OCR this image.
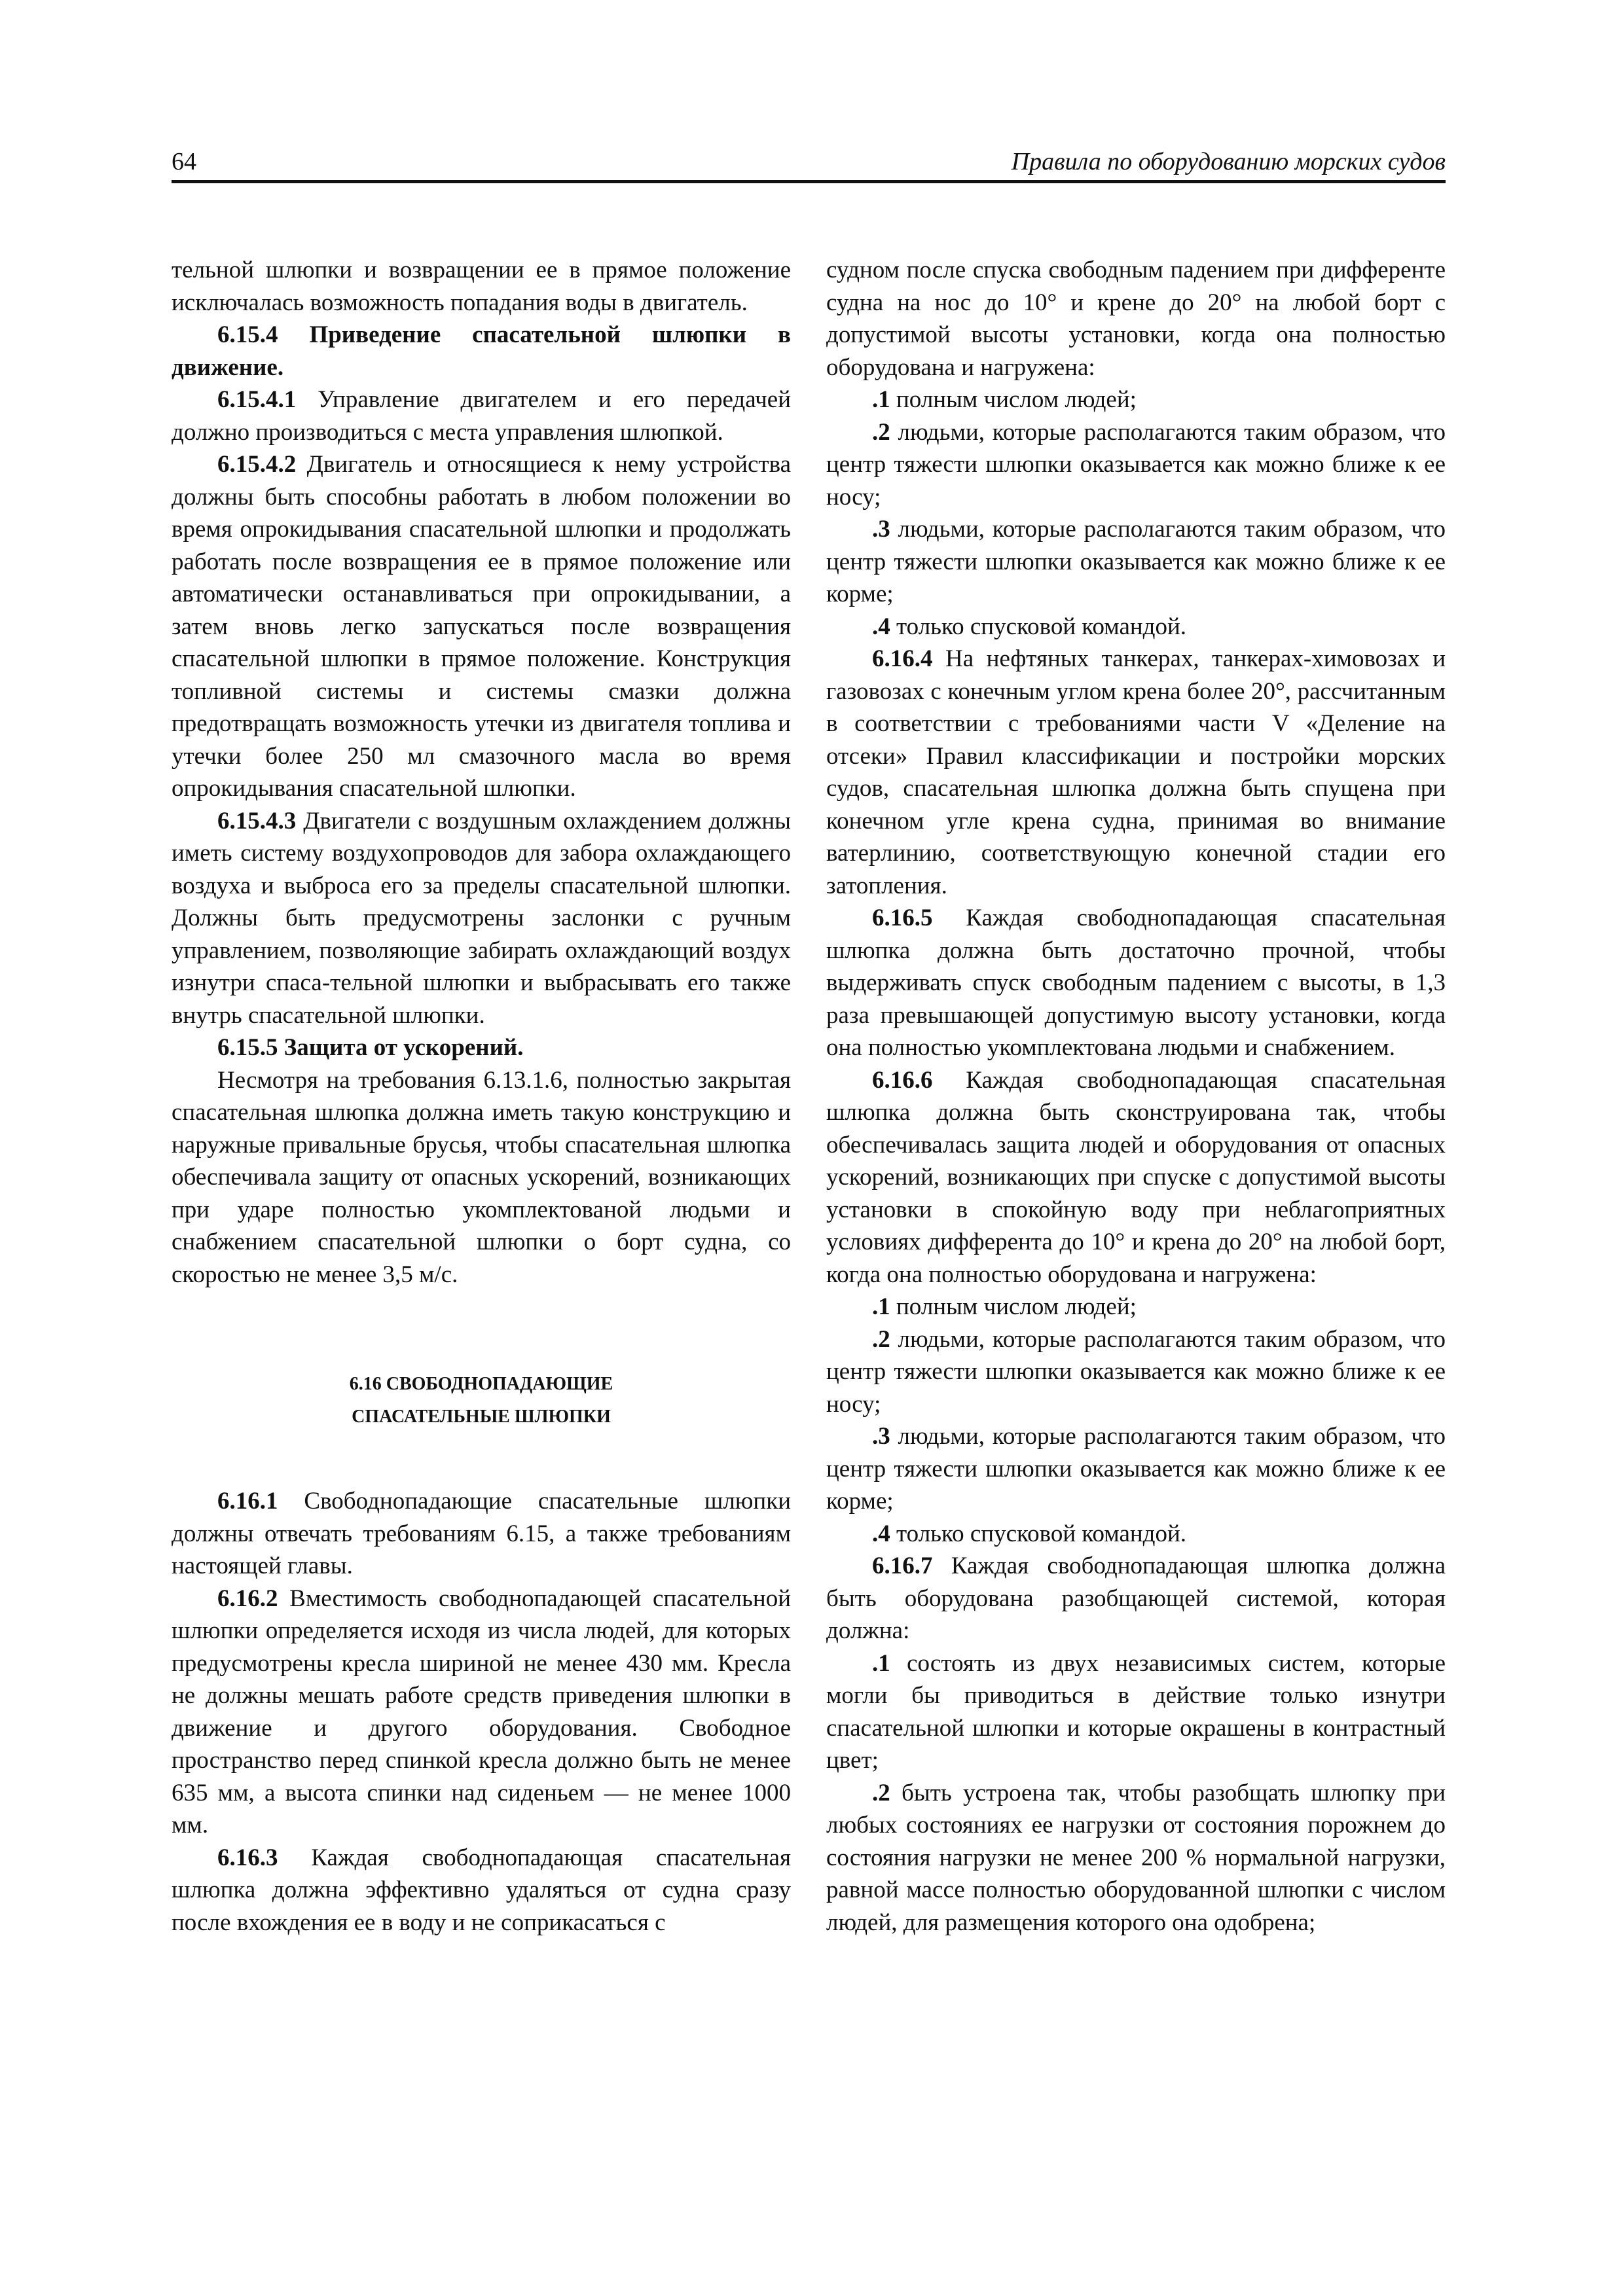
64	Правила по оборудованию морских судов

тельной шлюпки и возвращении ее в прямое положение исключалась возможность попадания воды в двигатель.

6.15.4 Приведение спасательной шлюпки в движение.

6.15.4.1 Управление двигателем и его передачей должно производиться с места управления шлюпкой.

6.15.4.2 Двигатель и относящиеся к нему устройства должны быть способны работать в любом положении во время опрокидывания спасательной шлюпки и продолжать работать после возвращения ее в прямое положение или автоматически останавливаться при опрокидывании, а затем вновь легко запускаться после возвращения спасательной шлюпки в прямое положение. Конструкция топливной системы и системы смазки должна предотвращать возможность утечки из двигателя топлива и утечки более 250 мл смазочного масла во время опрокидывания спасательной шлюпки.

6.15.4.3 Двигатели с воздушным охлаждением должны иметь систему воздухопроводов для забора охлаждающего воздуха и выброса его за пределы спасательной шлюпки. Должны быть предусмотрены заслонки с ручным управлением, позволяющие забирать охлаждающий воздух изнутри спаса-тельной шлюпки и выбрасывать его также внутрь спасательной шлюпки.

6.15.5 Защита от ускорений.

Несмотря на требования 6.13.1.6, полностью закрытая спасательная шлюпка должна иметь такую конструкцию и наружные привальные брусья, чтобы спасательная шлюпка обеспечивала защиту от опасных ускорений, возникающих при ударе полностью укомплектованой людьми и снабжением спасательной шлюпки о борт судна, со скоростью не менее 3,5 м/с.

6.16 СВОБОДНОПАДАЮЩИЕ
СПАСАТЕЛЬНЫЕ ШЛЮПКИ

6.16.1 Свободнопадающие спасательные шлюпки должны отвечать требованиям 6.15, а также требованиям настоящей главы.

6.16.2 Вместимость свободнопадающей спасательной шлюпки определяется исходя из числа людей, для которых предусмотрены кресла шириной не менее 430 мм. Кресла не должны мешать работе средств приведения шлюпки в движение и другого оборудования. Свободное пространство перед спинкой кресла должно быть не менее 635 мм, а высота спинки над сиденьем — не менее 1000 мм.

6.16.3 Каждая свободнопадающая спасательная шлюпка должна эффективно удаляться от судна сразу после вхождения ее в воду и не соприкасаться с

судном после спуска свободным падением при дифференте судна на нос до 10° и крене до 20° на любой борт с допустимой высоты установки, когда она полностью оборудована и нагружена:

.1 полным числом людей;

.2 людьми, которые располагаются таким образом, что центр тяжести шлюпки оказывается как можно ближе к ее носу;

.3 людьми, которые располагаются таким образом, что центр тяжести шлюпки оказывается как можно ближе к ее корме;

.4 только спусковой командой.

6.16.4 На нефтяных танкерах, танкерах-химовозах и газовозах с конечным углом крена более 20°, рассчитанным в соответствии с требованиями части V «Деление на отсеки» Правил классификации и постройки морских судов, спасательная шлюпка должна быть спущена при конечном угле крена судна, принимая во внимание ватерлинию, соответствующую конечной стадии его затопления.

6.16.5 Каждая свободнопадающая спасательная шлюпка должна быть достаточно прочной, чтобы выдерживать спуск свободным падением с высоты, в 1,3 раза превышающей допустимую высоту установки, когда она полностью укомплектована людьми и снабжением.

6.16.6 Каждая свободнопадающая спасательная шлюпка должна быть сконструирована так, чтобы обеспечивалась защита людей и оборудования от опасных ускорений, возникающих при спуске с допустимой высоты установки в спокойную воду при неблагоприятных условиях дифферента до 10° и крена до 20° на любой борт, когда она полностью оборудована и нагружена:

.1 полным числом людей;

.2 людьми, которые располагаются таким образом, что центр тяжести шлюпки оказывается как можно ближе к ее носу;

.3 людьми, которые располагаются таким образом, что центр тяжести шлюпки оказывается как можно ближе к ее корме;

.4 только спусковой командой.

6.16.7 Каждая свободнопадающая шлюпка должна быть оборудована разобщающей системой, которая должна:

.1 состоять из двух независимых систем, которые могли бы приводиться в действие только изнутри спасательной шлюпки и которые окрашены в контрастный цвет;

.2 быть устроена так, чтобы разобщать шлюпку при любых состояниях ее нагрузки от состояния порожнем до состояния нагрузки не менее 200 % нормальной нагрузки, равной массе полностью оборудованной шлюпки с числом людей, для размещения которого она одобрена;
